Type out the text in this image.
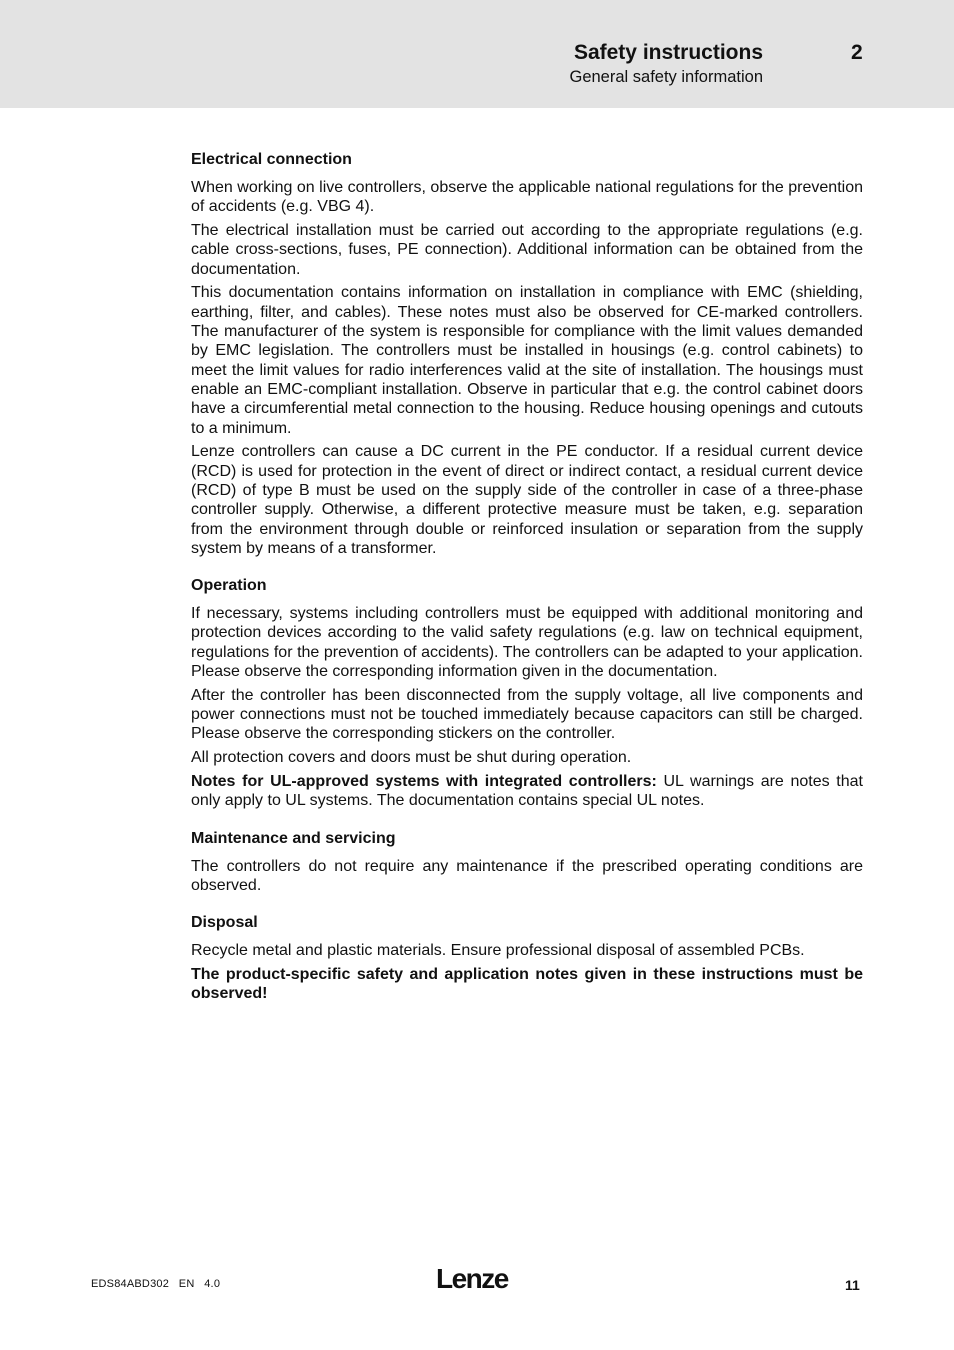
Safety instructions	2
General safety information
Electrical connection

When working on live controllers, observe the applicable national regulations for the prevention of accidents (e.g. VBG 4).

The electrical installation must be carried out according to the appropriate regulations (e.g. cable cross-sections, fuses, PE connection). Additional information can be obtained from the documentation.

This documentation contains information on installation in compliance with EMC (shielding, earthing, filter, and cables). These notes must also be observed for CE-marked controllers. The manufacturer of the system is responsible for compliance with the limit values demanded by EMC legislation. The controllers must be installed in housings (e.g. control cabinets) to meet the limit values for radio interferences valid at the site of installation. The housings must enable an EMC-compliant installation. Observe in particular that e.g. the control cabinet doors have a circumferential metal connection to the housing. Reduce housing openings and cutouts to a minimum.

Lenze controllers can cause a DC current in the PE conductor. If a residual current device (RCD) is used for protection in the event of direct or indirect contact, a residual current device (RCD) of type B must be used on the supply side of the controller in case of a three-phase controller supply. Otherwise, a different protective measure must be taken, e.g. separation from the environment through double or reinforced insulation or separation from the supply system by means of a transformer.

Operation

If necessary, systems including controllers must be equipped with additional monitoring and protection devices according to the valid safety regulations (e.g. law on technical equipment, regulations for the prevention of accidents). The controllers can be adapted to your application. Please observe the corresponding information given in the documentation.

After the controller has been disconnected from the supply voltage, all live components and power connections must not be touched immediately because capacitors can still be charged. Please observe the corresponding stickers on the controller.

All protection covers and doors must be shut during operation.

Notes for UL-approved systems with integrated controllers: UL warnings are notes that only apply to UL systems. The documentation contains special UL notes.

Maintenance and servicing

The controllers do not require any maintenance if the prescribed operating conditions are observed.

Disposal

Recycle metal and plastic materials. Ensure professional disposal of assembled PCBs.

The product-specific safety and application notes given in these instructions must be observed!

EDS84ABD302   EN   4.0	Lenze	11
